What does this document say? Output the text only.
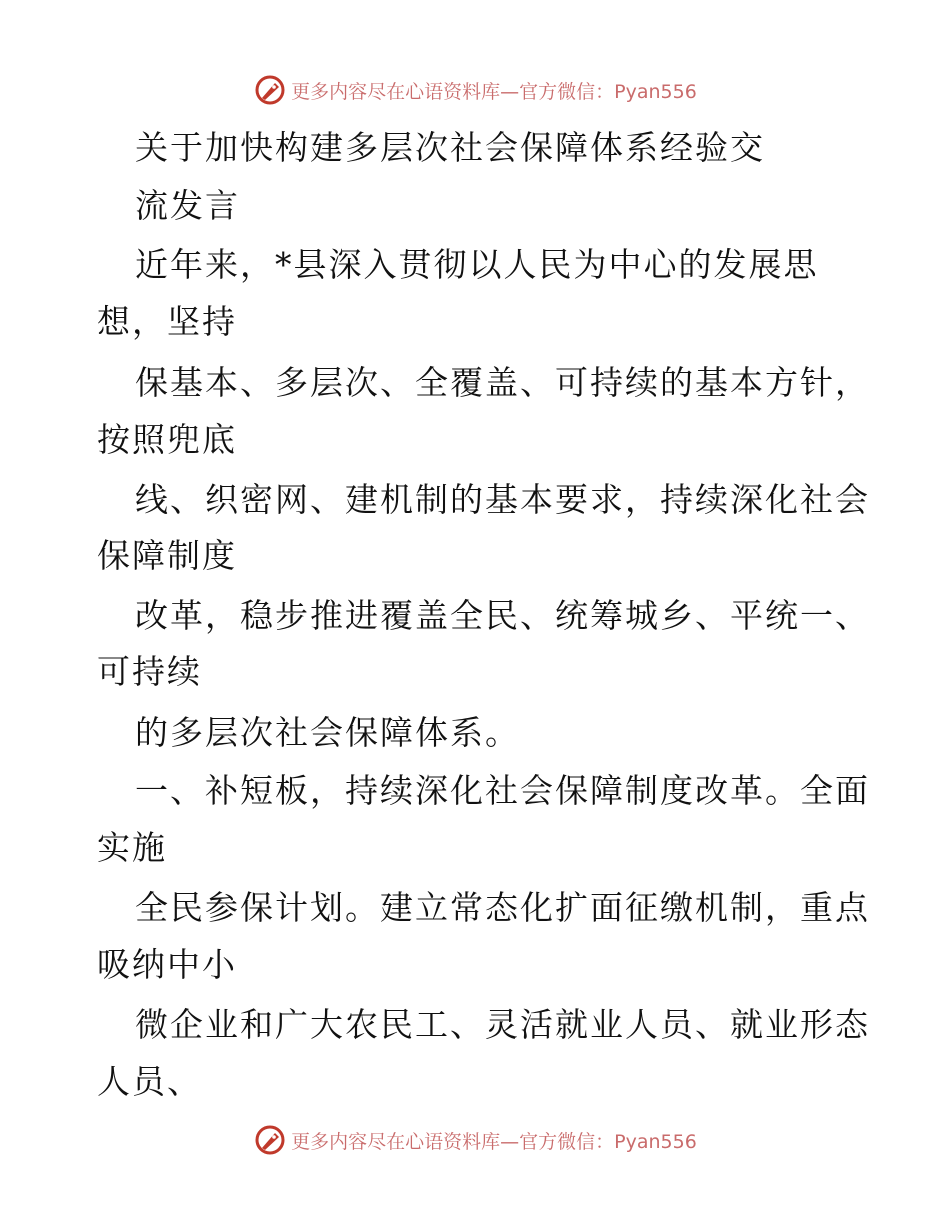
更多内容尽在心语资料库 —官方微信：Pyan556
关于加快构建多层次社会保障体系经验交
流发言
近年来，*县深入贯彻以人民为中心的发展思
想，坚持
保基本、多层次、全覆盖、可持续的基本方针，
按照兜底
线、织密网、建机制的基本要求，持续深化社会
保障制度
改革，稳步推进覆盖全民、统筹城乡、平统一、
可持续
的多层次社会保障体系。
一、补短板，持续深化社会保障制度改革。全面
实施
全民参保计划。建立常态化扩面征缴机制，重点
吸纳中小
微企业和广大农民工、灵活就业人员、就业形态
人员、
更多内容尽在心语资料库 —官方微信：Pyan556
